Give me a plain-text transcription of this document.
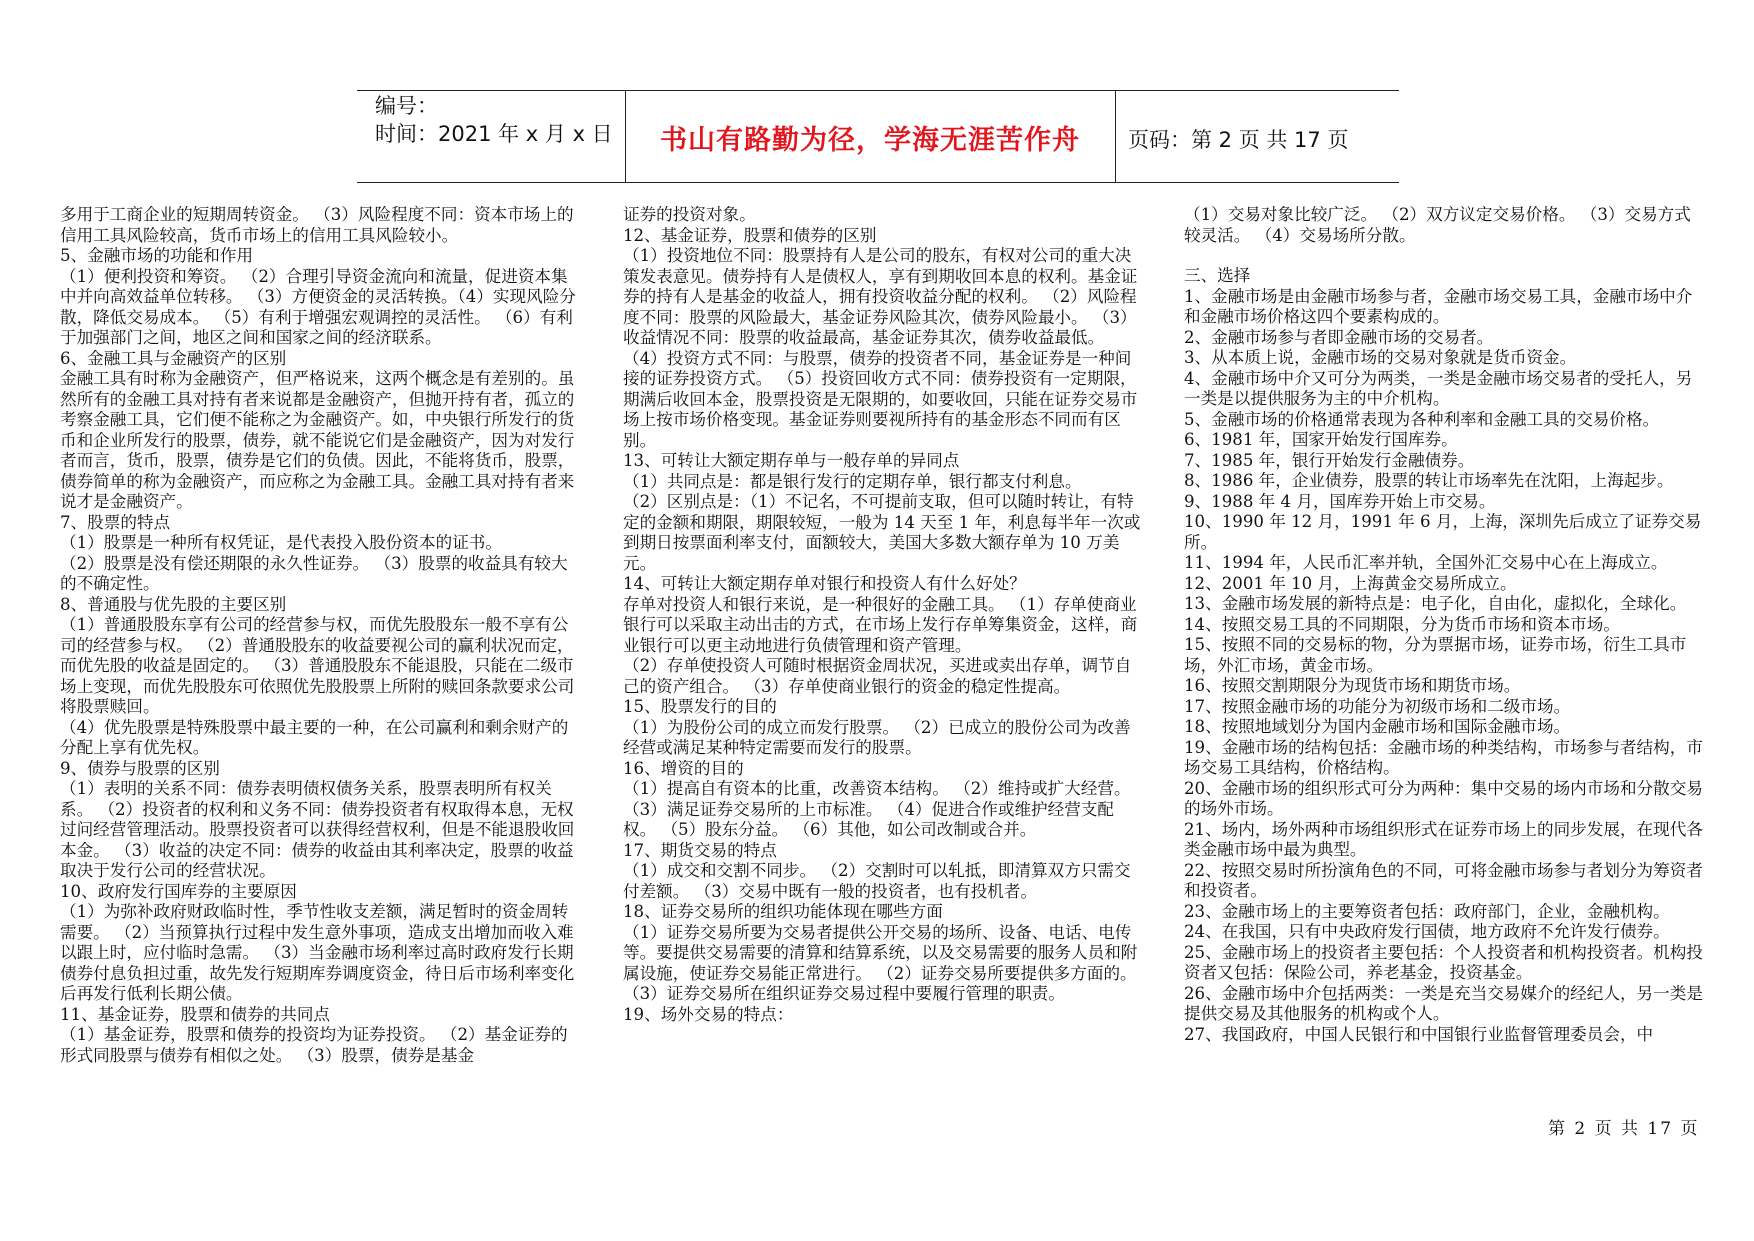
编号：
时间：2021 年 x 月 x 日	书山有路勤为径，学海无涯苦作舟	页码：第 2 页 共 17 页
多用于工商企业的短期周转资金。 （3）风险程度不同：资本市场上的信用工具风险较高，货币市场上的信用工具风险较小。
5、金融市场的功能和作用
（1）便利投资和筹资。 （2）合理引导资金流向和流量，促进资本集中并向高效益单位转移。 （3）方便资金的灵活转换。（4）实现风险分散，降低交易成本。 （5）有利于增强宏观调控的灵活性。 （6）有利于加强部门之间，地区之间和国家之间的经济联系。
6、金融工具与金融资产的区别
金融工具有时称为金融资产，但严格说来，这两个概念是有差别的。虽然所有的金融工具对持有者来说都是金融资产，但抛开持有者，孤立的考察金融工具，它们便不能称之为金融资产。如，中央银行所发行的货币和企业所发行的股票，债券，就不能说它们是金融资产，因为对发行者而言，货币，股票，债券是它们的负债。因此，不能将货币，股票，债券简单的称为金融资产，而应称之为金融工具。金融工具对持有者来说才是金融资产。
7、股票的特点
（1）股票是一种所有权凭证，是代表投入股份资本的证书。
（2）股票是没有偿还期限的永久性证券。 （3）股票的收益具有较大的不确定性。
8、普通股与优先股的主要区别
（1）普通股股东享有公司的经营参与权，而优先股股东一般不享有公司的经营参与权。 （2）普通股股东的收益要视公司的赢利状况而定，而优先股的收益是固定的。 （3）普通股股东不能退股，只能在二级市场上变现，而优先股股东可依照优先股股票上所附的赎回条款要求公司将股票赎回。
（4）优先股票是特殊股票中最主要的一种，在公司赢利和剩余财产的分配上享有优先权。
9、债券与股票的区别
（1）表明的关系不同：债券表明债权债务关系，股票表明所有权关系。 （2）投资者的权利和义务不同：债券投资者有权取得本息，无权过问经营管理活动。股票投资者可以获得经营权利，但是不能退股收回本金。 （3）收益的决定不同：债券的收益由其利率决定，股票的收益取决于发行公司的经营状况。
10、政府发行国库券的主要原因
（1）为弥补政府财政临时性，季节性收支差额，满足暂时的资金周转需要。 （2）当预算执行过程中发生意外事项，造成支出增加而收入难以跟上时，应付临时急需。 （3）当金融市场利率过高时政府发行长期债券付息负担过重，故先发行短期库券调度资金，待日后市场利率变化后再发行低利长期公债。
11、基金证券，股票和债券的共同点
（1）基金证券，股票和债券的投资均为证券投资。 （2）基金证券的形式同股票与债券有相似之处。 （3）股票，债券是基金
证券的投资对象。
12、基金证券，股票和债券的区别
（1）投资地位不同：股票持有人是公司的股东，有权对公司的重大决策发表意见。债券持有人是债权人，享有到期收回本息的权利。基金证券的持有人是基金的收益人，拥有投资收益分配的权利。 （2）风险程度不同：股票的风险最大，基金证券风险其次，债券风险最小。 （3）收益情况不同：股票的收益最高，基金证券其次，债券收益最低。 （4）投资方式不同：与股票，债券的投资者不同，基金证券是一种间接的证券投资方式。 （5）投资回收方式不同：债券投资有一定期限，期满后收回本金，股票投资是无限期的，如要收回，只能在证券交易市场上按市场价格变现。基金证券则要视所持有的基金形态不同而有区别。
13、可转让大额定期存单与一般存单的异同点
（1）共同点是：都是银行发行的定期存单，银行都支付利息。
（2）区别点是：（1）不记名，不可提前支取，但可以随时转让，有特定的金额和期限，期限较短，一般为 14 天至 1 年，利息每半年一次或到期日按票面利率支付，面额较大，美国大多数大额存单为 10 万美元。
14、可转让大额定期存单对银行和投资人有什么好处？
存单对投资人和银行来说，是一种很好的金融工具。 （1）存单使商业银行可以采取主动出击的方式，在市场上发行存单筹集资金，这样，商业银行可以更主动地进行负债管理和资产管理。
（2）存单使投资人可随时根据资金周状况，买进或卖出存单，调节自己的资产组合。 （3）存单使商业银行的资金的稳定性提高。
15、股票发行的目的
（1）为股份公司的成立而发行股票。 （2）已成立的股份公司为改善经营或满足某种特定需要而发行的股票。
16、增资的目的
（1）提高自有资本的比重，改善资本结构。 （2）维持或扩大经营。（3）满足证券交易所的上市标准。 （4）促进合作或维护经营支配权。 （5）股东分益。 （6）其他，如公司改制或合并。
17、期货交易的特点
（1）成交和交割不同步。 （2）交割时可以轧抵，即清算双方只需交付差额。 （3）交易中既有一般的投资者，也有投机者。
18、证券交易所的组织功能体现在哪些方面
（1）证券交易所要为交易者提供公开交易的场所、设备、电话、电传等。要提供交易需要的清算和结算系统，以及交易需要的服务人员和附属设施，使证券交易能正常进行。 （2）证券交易所要提供多方面的。 （3）证券交易所在组织证券交易过程中要履行管理的职责。
19、场外交易的特点：
（1）交易对象比较广泛。 （2）双方议定交易价格。 （3）交易方式较灵活。 （4）交易场所分散。
三、选择
1、金融市场是由金融市场参与者，金融市场交易工具，金融市场中介和金融市场价格这四个要素构成的。
2、金融市场参与者即金融市场的交易者。
3、从本质上说，金融市场的交易对象就是货币资金。
4、金融市场中介又可分为两类，一类是金融市场交易者的受托人，另一类是以提供服务为主的中介机构。
5、金融市场的价格通常表现为各种利率和金融工具的交易价格。
6、1981 年，国家开始发行国库券。
7、1985 年，银行开始发行金融债券。
8、1986 年，企业债券，股票的转让市场率先在沈阳，上海起步。
9、1988 年 4 月，国库券开始上市交易。
10、1990 年 12 月，1991 年 6 月，上海，深圳先后成立了证券交易所。
11、1994 年，人民币汇率并轨，全国外汇交易中心在上海成立。
12、2001 年 10 月，上海黄金交易所成立。
13、金融市场发展的新特点是：电子化，自由化，虚拟化，全球化。
14、按照交易工具的不同期限，分为货币市场和资本市场。
15、按照不同的交易标的物，分为票据市场，证券市场，衍生工具市场，外汇市场，黄金市场。
16、按照交割期限分为现货市场和期货市场。
17、按照金融市场的功能分为初级市场和二级市场。
18、按照地域划分为国内金融市场和国际金融市场。
19、金融市场的结构包括：金融市场的种类结构，市场参与者结构，市场交易工具结构，价格结构。
20、金融市场的组织形式可分为两种：集中交易的场内市场和分散交易的场外市场。
21、场内，场外两种市场组织形式在证券市场上的同步发展，在现代各类金融市场中最为典型。
22、按照交易时所扮演角色的不同，可将金融市场参与者划分为筹资者和投资者。
23、金融市场上的主要筹资者包括：政府部门，企业，金融机构。
24、在我国，只有中央政府发行国债，地方政府不允许发行债券。
25、金融市场上的投资者主要包括：个人投资者和机构投资者。机构投资者又包括：保险公司，养老基金，投资基金。
26、金融市场中介包括两类：一类是充当交易媒介的经纪人，另一类是提供交易及其他服务的机构或个人。
27、我国政府，中国人民银行和中国银行业监督管理委员会，中
第 2 页 共 17 页
